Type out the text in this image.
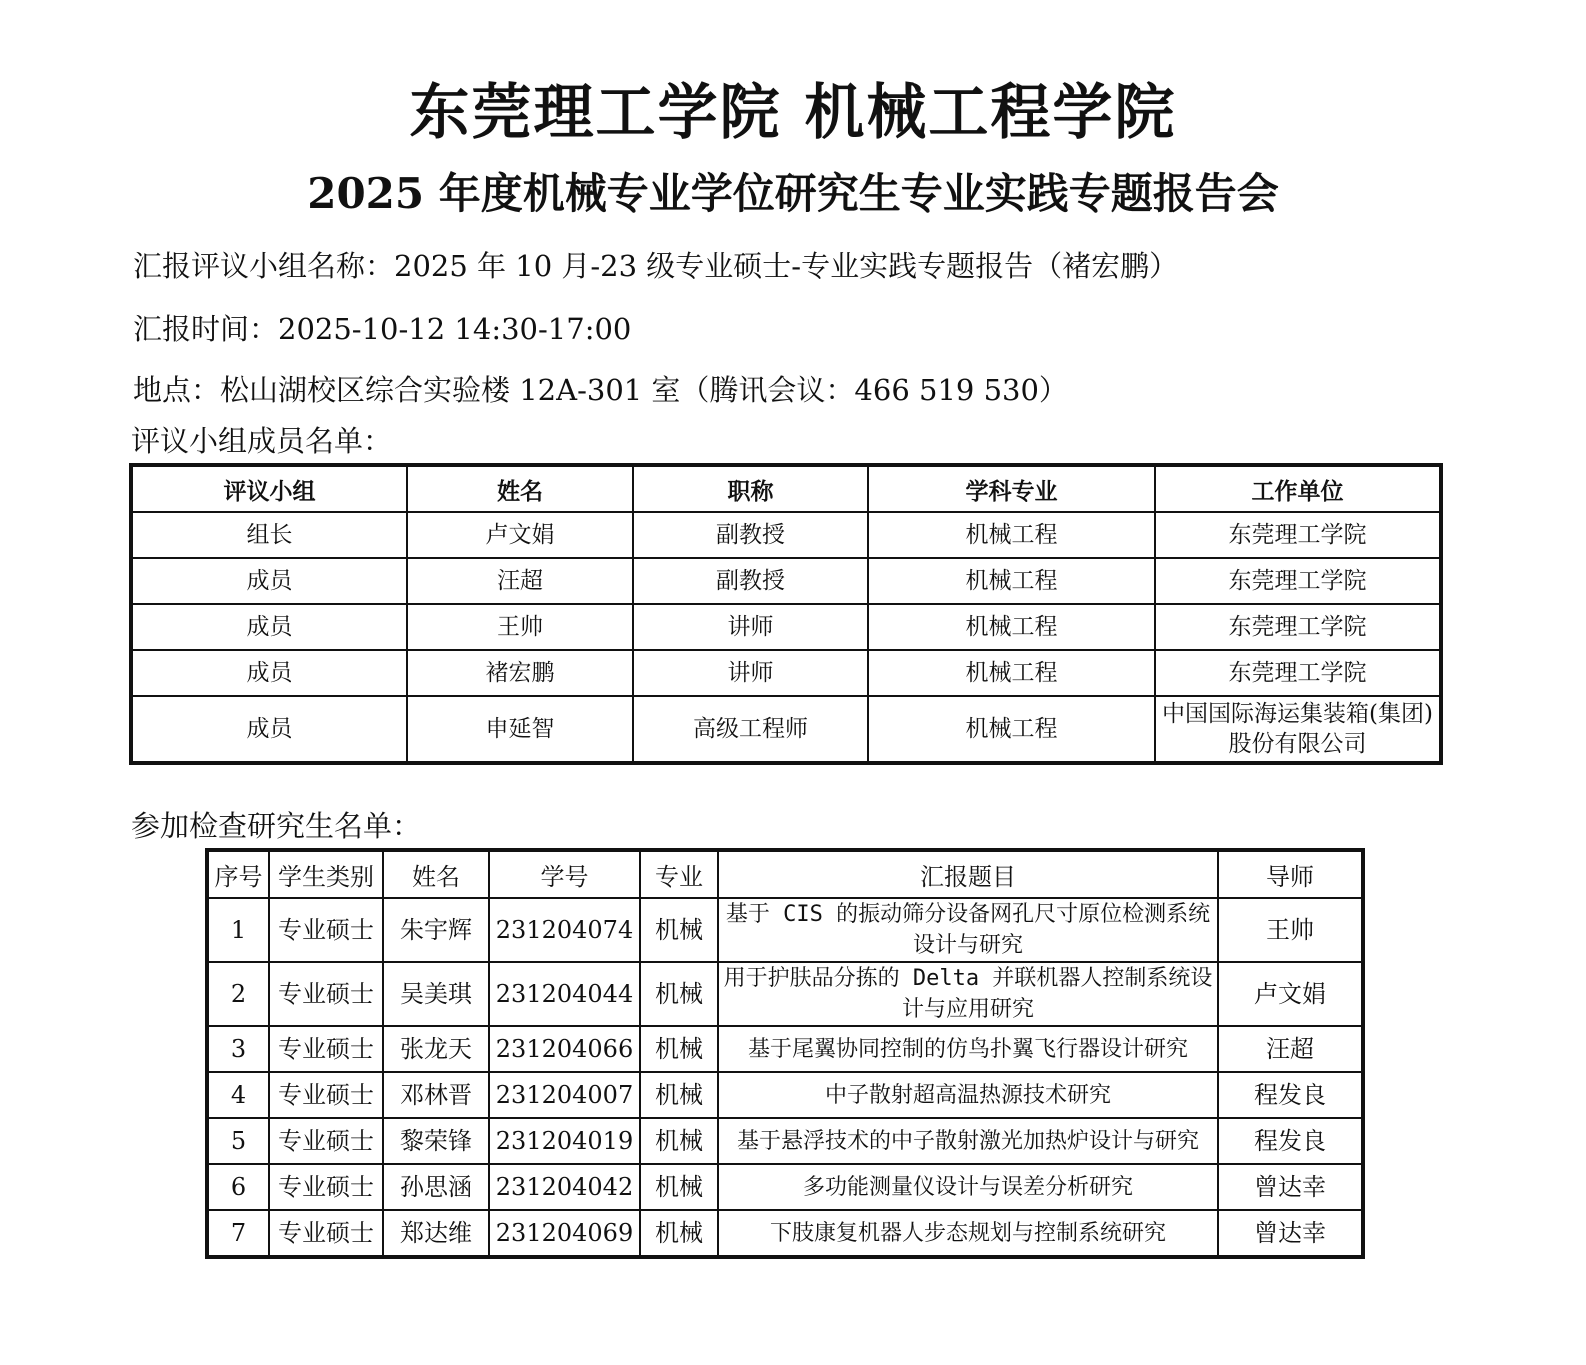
东莞理工学院 机械工程学院
2025 年度机械专业学位研究生专业实践专题报告会
汇报评议小组名称：2025 年 10 月-23 级专业硕士-专业实践专题报告（褚宏鹏）
汇报时间：2025-10-12 14:30-17:00
地点：松山湖校区综合实验楼 12A-301 室（腾讯会议：466 519 530）
评议小组成员名单：
评议小组	姓名	职称	学科专业	工作单位
组长	卢文娟	副教授	机械工程	东莞理工学院
成员	汪超	副教授	机械工程	东莞理工学院
成员	王帅	讲师	机械工程	东莞理工学院
成员	褚宏鹏	讲师	机械工程	东莞理工学院
成员	申延智	高级工程师	机械工程	中国国际海运集装箱(集团)股份有限公司
参加检查研究生名单：
序号	学生类别	姓名	学号	专业	汇报题目	导师
1	专业硕士	朱宇辉	231204074	机械	基于 CIS 的振动筛分设备网孔尺寸原位检测系统设计与研究	王帅
2	专业硕士	吴美琪	231204044	机械	用于护肤品分拣的 Delta 并联机器人控制系统设计与应用研究	卢文娟
3	专业硕士	张龙天	231204066	机械	基于尾翼协同控制的仿鸟扑翼飞行器设计研究	汪超
4	专业硕士	邓林晋	231204007	机械	中子散射超高温热源技术研究	程发良
5	专业硕士	黎荣锋	231204019	机械	基于悬浮技术的中子散射激光加热炉设计与研究	程发良
6	专业硕士	孙思涵	231204042	机械	多功能测量仪设计与误差分析研究	曾达幸
7	专业硕士	郑达维	231204069	机械	下肢康复机器人步态规划与控制系统研究	曾达幸
